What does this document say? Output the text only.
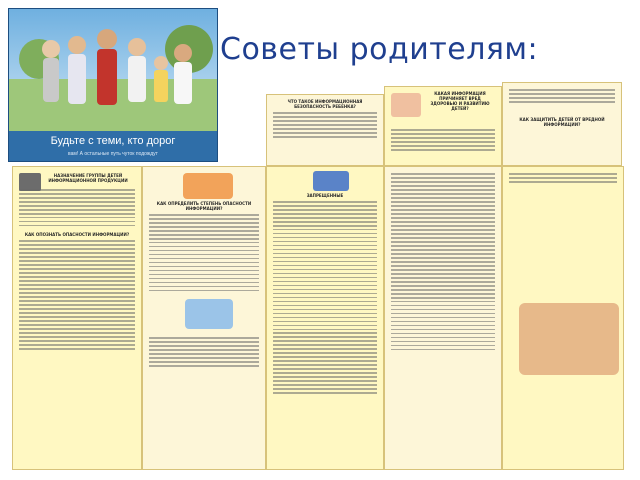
Будьте с теми, кто дорог
вам! А остальные путь чуток подождут
Советы родителям:
ЧТО ТАКОЕ ИНФОРМАЦИОННАЯ БЕЗОПАСНОСТЬ РЕБЕНКА?
КАКАЯ ИНФОРМАЦИЯ ПРИЧИНЯЕТ ВРЕД ЗДОРОВЬЮ И РАЗВИТИЮ ДЕТЕЙ?
КАК ЗАЩИТИТЬ ДЕТЕЙ ОТ ВРЕДНОЙ ИНФОРМАЦИИ?
НАЗНАЧЕНИЕ ГРУППЫ ДЕТЕЙ ИНФОРМАЦИОННОЙ ПРОДУКЦИИ
КАК ОПОЗНАТЬ ОПАСНОСТИ ИНФОРМАЦИИ?
КАК ОПРЕДЕЛИТЬ СТЕПЕНЬ ОПАСНОСТИ ИНФОРМАЦИИ?
ЗАПРЕЩЕННЫЕ
